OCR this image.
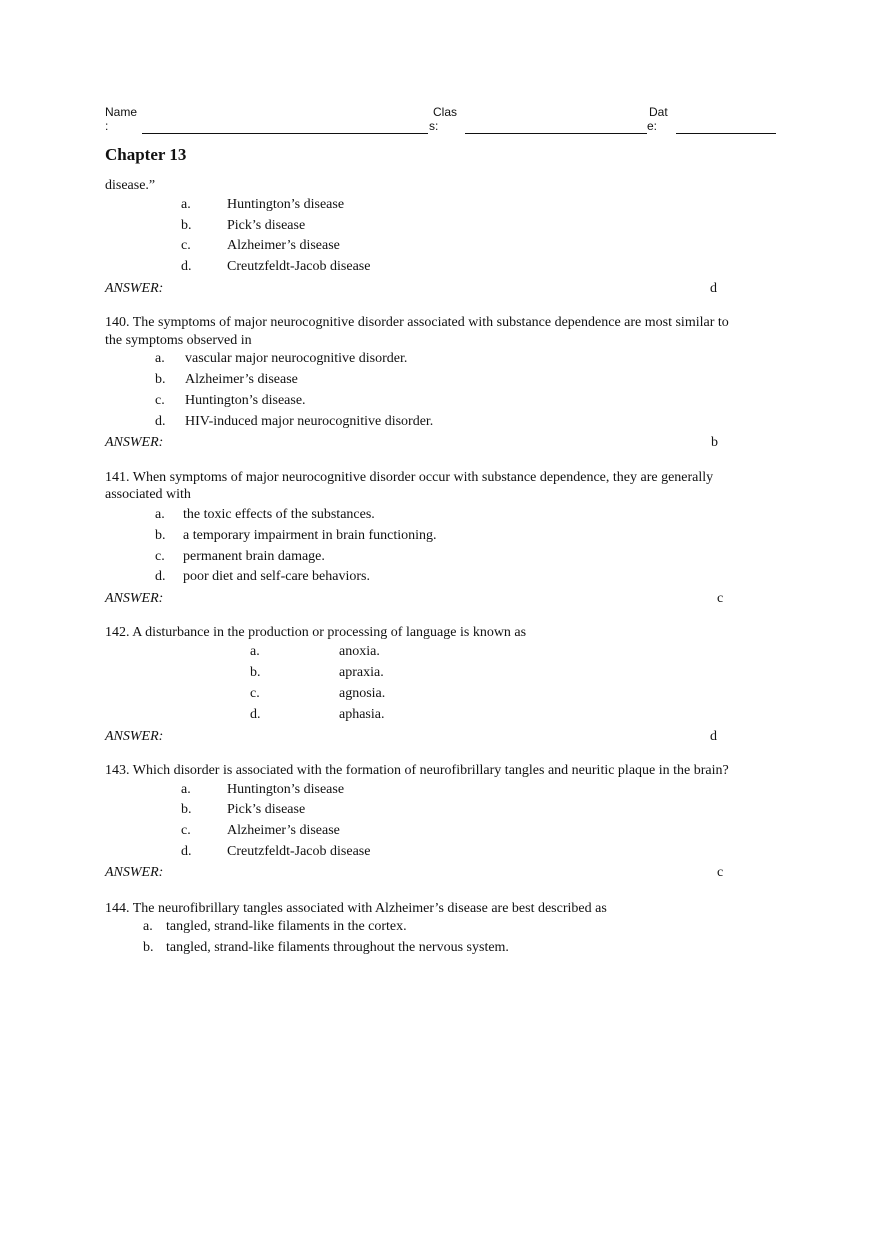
Name
:
Clas
s:
Dat
e:
Chapter 13
disease.”
a.	Huntington’s disease
b.	Pick’s disease
c.	Alzheimer’s disease
d.	Creutzfeldt-Jacob disease
ANSWER:	d
140. The symptoms of major neurocognitive disorder associated with substance dependence are most similar to
the symptoms observed in
a. vascular major neurocognitive disorder.
b. Alzheimer’s disease
c. Huntington’s disease.
d. HIV-induced major neurocognitive disorder.
ANSWER:	b
141. When symptoms of major neurocognitive disorder occur with substance dependence, they are generally
associated with
a. the toxic effects of the substances.
b. a temporary impairment in brain functioning.
c. permanent brain damage.
d. poor diet and self-care behaviors.
ANSWER:	c
142. A disturbance in the production or processing of language is known as
a.	anoxia.
b.	apraxia.
c.	agnosia.
d.	aphasia.
ANSWER:	d
143. Which disorder is associated with the formation of neurofibrillary tangles and neuritic plaque in the brain?
a.	Huntington’s disease
b.	Pick’s disease
c.	Alzheimer’s disease
d.	Creutzfeldt-Jacob disease
ANSWER:	c
144. The neurofibrillary tangles associated with Alzheimer’s disease are best described as
a. tangled, strand-like filaments in the cortex.
b. tangled, strand-like filaments throughout the nervous system.
